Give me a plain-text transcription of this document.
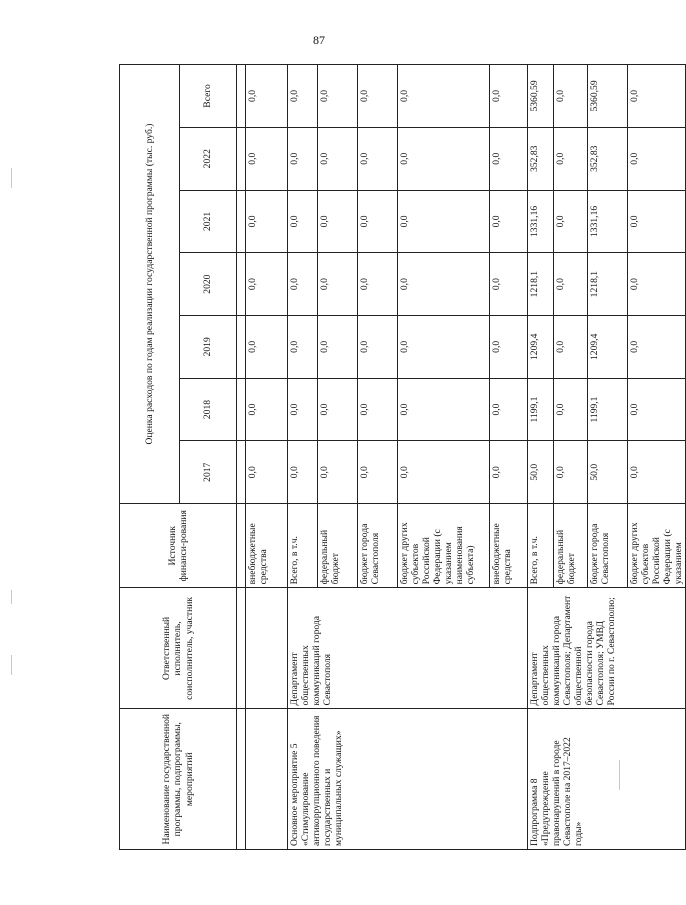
87
Наименование государственной программы, подпрограммы, мероприятий	Ответственный исполнитель, соисполнитель, участник	Источник финанси-рования	Оценка расходов по годам реализации государственной программы (тыс. руб.)						
			2017	2018	2019	2020	2021	2022	Всего

		внебюджетные средства	0,0	0,0	0,0	0,0	0,0	0,0	0,0
Основное мероприятие 5 «Стимулирование антикоррупционного поведения государственных и муниципальных служащих»	Департамент общественных коммуникаций города Севастополя	Всего, в т.ч.	0,0	0,0	0,0	0,0	0,0	0,0	0,0
		федеральный бюджет	0,0	0,0	0,0	0,0	0,0	0,0	0,0
		бюджет города Севастополя	0,0	0,0	0,0	0,0	0,0	0,0	0,0
		бюджет других субъектов Российской Федерации (с указанием наименования субъекта)	0,0	0,0	0,0	0,0	0,0	0,0	0,0
		внебюджетные средства	0,0	0,0	0,0	0,0	0,0	0,0	0,0
Подпрограмма 8 «Предупреждение правонарушений в городе Севастополе на 2017–2022 годы»	Департамент общественных коммуникаций города Севастополя; Департамент общественной безопасности города Севастополя; УМВД России по г. Севастополю;	Всего, в т.ч.	50,0	1199,1	1209,4	1218,1	1331,16	352,83	5360,59
		федеральный бюджет	0,0	0,0	0,0	0,0	0,0	0,0	0,0
		бюджет города Севастополя	50,0	1199,1	1209,4	1218,1	1331,16	352,83	5360,59
		бюджет других субъектов Российской Федерации (с указанием	0,0	0,0	0,0	0,0	0,0	0,0	0,0
